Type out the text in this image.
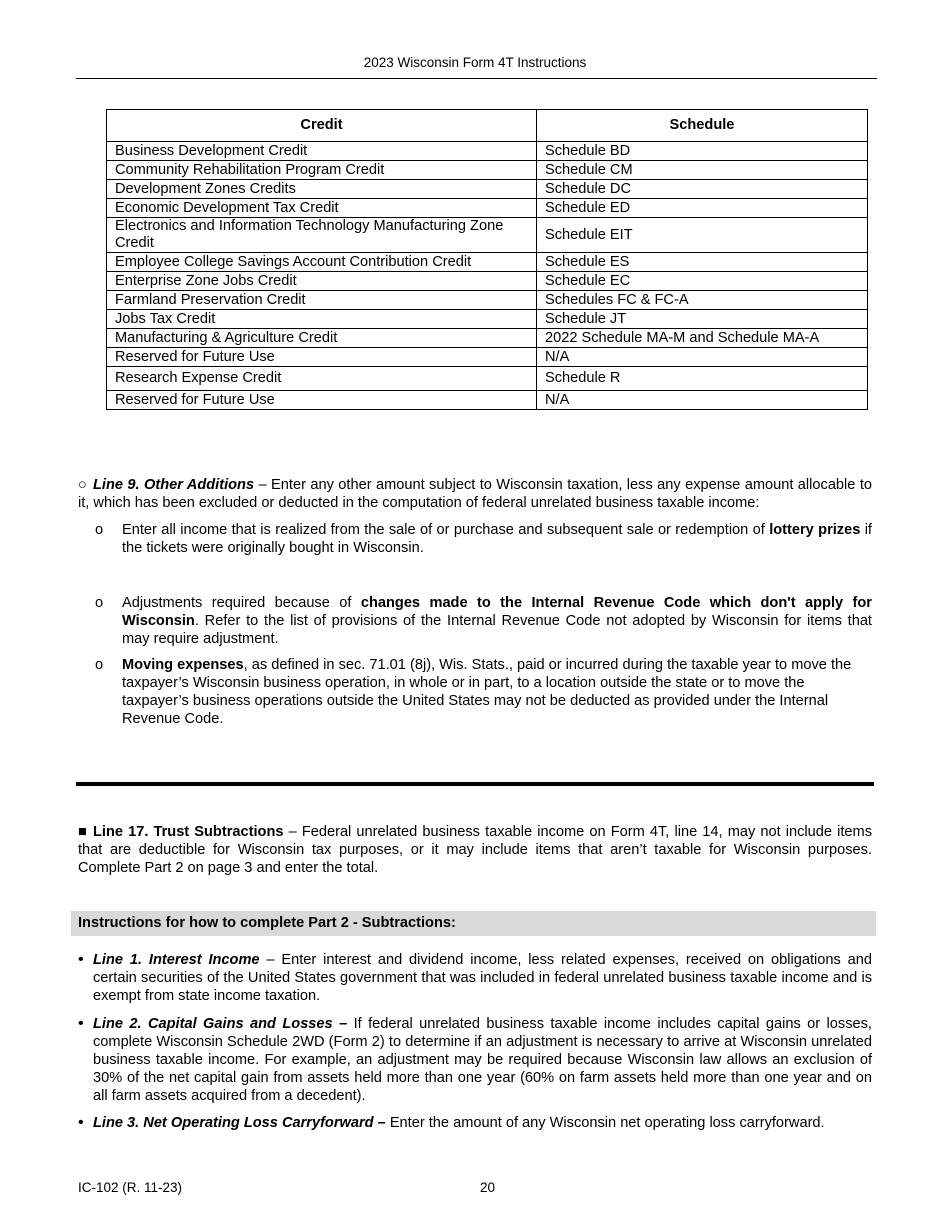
2023 Wisconsin Form 4T Instructions
Credit	Schedule
Business Development Credit	Schedule BD
Community Rehabilitation Program Credit	Schedule CM
Development Zones Credits	Schedule DC
Economic Development Tax Credit	Schedule ED
Electronics and Information Technology Manufacturing Zone Credit	Schedule EIT
Employee College Savings Account Contribution Credit	Schedule ES
Enterprise Zone Jobs Credit	Schedule EC
Farmland Preservation Credit	Schedules FC & FC-A
Jobs Tax Credit	Schedule JT
Manufacturing & Agriculture Credit	2022 Schedule MA-M and Schedule MA-A
Reserved for Future Use	N/A
Research Expense Credit	Schedule R
Reserved for Future Use	N/A
○ Line 9. Other Additions – Enter any other amount subject to Wisconsin taxation, less any expense amount allocable to it, which has been excluded or deducted in the computation of federal unrelated business taxable income:
o Enter all income that is realized from the sale of or purchase and subsequent sale or redemption of lottery prizes if the tickets were originally bought in Wisconsin.
o Adjustments required because of changes made to the Internal Revenue Code which don't apply for Wisconsin. Refer to the list of provisions of the Internal Revenue Code not adopted by Wisconsin for items that may require adjustment.
o Moving expenses, as defined in sec. 71.01 (8j), Wis. Stats., paid or incurred during the taxable year to move the taxpayer’s Wisconsin business operation, in whole or in part, to a location outside the state or to move the taxpayer’s business operations outside the United States may not be deducted as provided under the Internal Revenue Code.
■ Line 17. Trust Subtractions – Federal unrelated business taxable income on Form 4T, line 14, may not include items that are deductible for Wisconsin tax purposes, or it may include items that aren’t taxable for Wisconsin purposes. Complete Part 2 on page 3 and enter the total.
Instructions for how to complete Part 2 - Subtractions:
• Line 1. Interest Income – Enter interest and dividend income, less related expenses, received on obligations and certain securities of the United States government that was included in federal unrelated business taxable income and is exempt from state income taxation.
• Line 2. Capital Gains and Losses – If federal unrelated business taxable income includes capital gains or losses, complete Wisconsin Schedule 2WD (Form 2) to determine if an adjustment is necessary to arrive at Wisconsin unrelated business taxable income. For example, an adjustment may be required because Wisconsin law allows an exclusion of 30% of the net capital gain from assets held more than one year (60% on farm assets held more than one year and on all farm assets acquired from a decedent).
• Line 3. Net Operating Loss Carryforward – Enter the amount of any Wisconsin net operating loss carryforward.
IC-102 (R. 11-23)	20
